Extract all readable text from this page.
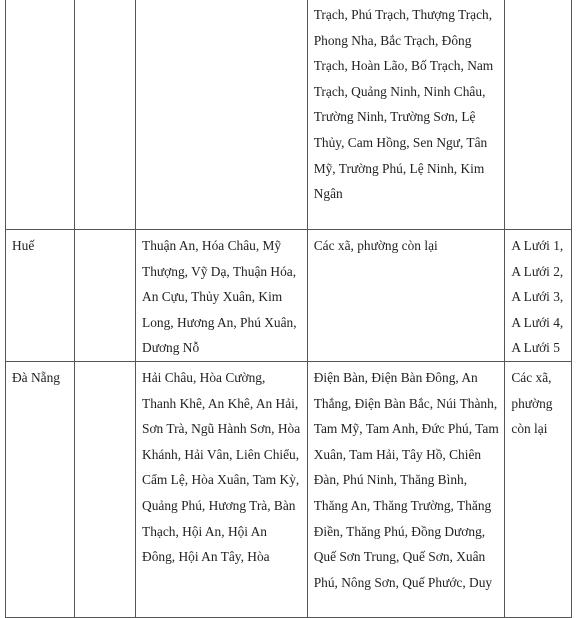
			Trạch, Phú Trạch, Thượng Trạch, Phong Nha, Bắc Trạch, Đông Trạch, Hoàn Lão, Bố Trạch, Nam Trạch, Quảng Ninh, Ninh Châu, Trường Ninh, Trường Sơn, Lệ Thủy, Cam Hồng, Sen Ngư, Tân Mỹ, Trường Phú, Lệ Ninh, Kim Ngân	
Huế		Thuận An, Hóa Châu, Mỹ Thượng, Vỹ Dạ, Thuận Hóa, An Cựu, Thủy Xuân, Kim Long, Hương An, Phú Xuân, Dương Nỗ	Các xã, phường còn lại	A Lưới 1, A Lưới 2, A Lưới 3, A Lưới 4, A Lưới 5
Đà Nẵng		Hải Châu, Hòa Cường, Thanh Khê, An Khê, An Hải, Sơn Trà, Ngũ Hành Sơn, Hòa Khánh, Hải Vân, Liên Chiểu, Cẩm Lệ, Hòa Xuân, Tam Kỳ, Quảng Phú, Hương Trà, Bàn Thạch, Hội An, Hội An Đông, Hội An Tây, Hòa	Điện Bàn, Điện Bàn Đông, An Thắng, Điện Bàn Bắc, Núi Thành, Tam Mỹ, Tam Anh, Đức Phú, Tam Xuân, Tam Hải, Tây Hồ, Chiên Đàn, Phú Ninh, Thăng Bình, Thăng An, Thăng Trường, Thăng Điền, Thăng Phú, Đồng Dương, Quế Sơn Trung, Quế Sơn, Xuân Phú, Nông Sơn, Quế Phước, Duy	Các xã, phường còn lại
